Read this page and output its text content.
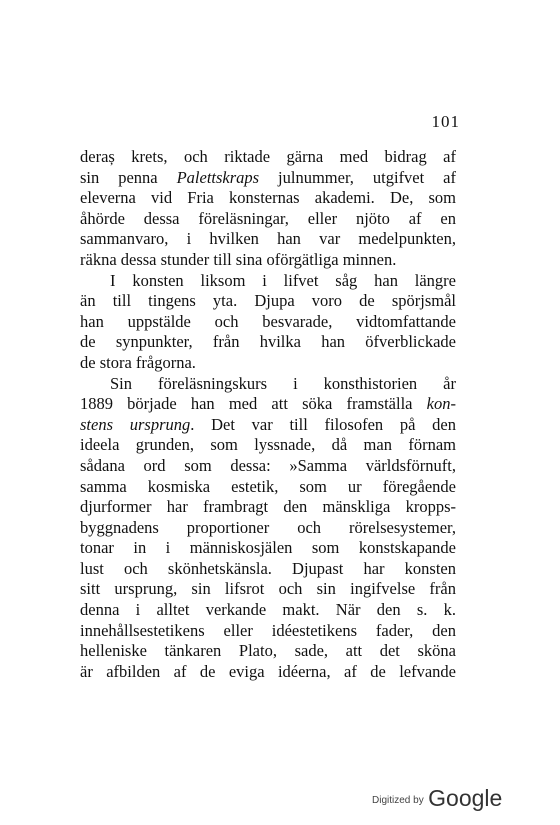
101
deraș krets, och riktade gärna med bidrag af
sin penna Palettskraps julnummer, utgifvet af
eleverna vid Fria konsternas akademi. De, som
åhörde dessa föreläsningar, eller njöto af en
sammanvaro, i hvilken han var medelpunkten,
räkna dessa stunder till sina oförgätliga minnen.
I konsten liksom i lifvet såg han längre
än till tingens yta. Djupa voro de spörjsmål
han uppstälde och besvarade, vidtomfattande
de synpunkter, från hvilka han öfverblickade
de stora frågorna.
Sin föreläsningskurs i konsthistorien år
1889 började han med att söka framställa kon-
stens ursprung. Det var till filosofen på den
ideela grunden, som lyssnade, då man förnam
sådana ord som dessa: »Samma världsförnuft,
samma kosmiska estetik, som ur föregående
djurformer har frambragt den mänskliga kropps-
byggnadens proportioner och rörelsesystemer,
tonar in i människosjälen som konstskapande
lust och skönhetskänsla. Djupast har konsten
sitt ursprung, sin lifsrot och sin ingifvelse från
denna i alltet verkande makt. När den s. k.
innehållsestetikens eller idéestetikens fader, den
helleniske tänkaren Plato, sade, att det sköna
är afbilden af de eviga idéerna, af de lefvande
Digitized by Google
